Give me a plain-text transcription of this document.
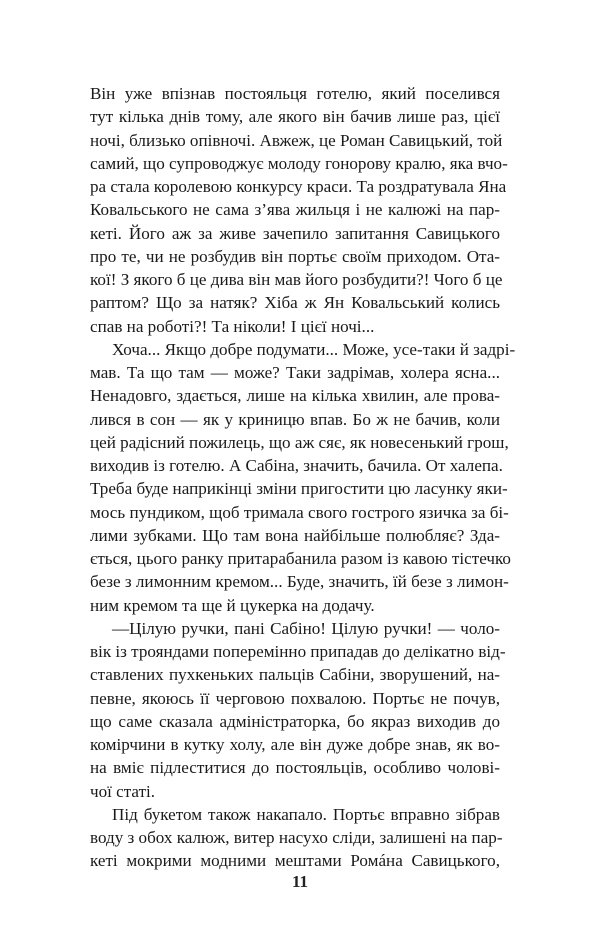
Він уже впізнав постояльця готелю, який поселився
тут кілька днів тому, але якого він бачив лише раз, цієї
ночі, близько опівночі. Авжеж, це Роман Савицький, той
самий, що супроводжує молоду гонорову кралю, яка вчо-
ра стала королевою конкурсу краси. Та роздратувала Яна
Ковальського не сама з’ява жильця і не калюжі на пар-
кеті. Його аж за живе зачепило запитання Савицького
про те, чи не розбудив він портьє своїм приходом. Ота-
кої! З якого б це дива він мав його розбудити?! Чого б це
раптом? Що за натяк? Хіба ж Ян Ковальський колись
спав на роботі?! Та ніколи! І цієї ночі...
Хоча... Якщо добре подумати... Може, усе-таки й задрі-
мав. Та що там — може? Таки задрімав, холера ясна...
Ненадовго, здається, лише на кілька хвилин, але прова-
лився в сон — як у криницю впав. Бо ж не бачив, коли
цей радісний пожилець, що аж сяє, як новесенький грош,
виходив із готелю. А Сабіна, значить, бачила. От халепа.
Треба буде наприкінці зміни пригостити цю ласунку яки-
мось пундиком, щоб тримала свого гострого язичка за бі-
лими зубками. Що там вона найбільше полюбляє? Зда-
ється, цього ранку притарабанила разом із кавою тістечко
безе з лимонним кремом... Буде, значить, їй безе з лимон-
ним кремом та ще й цукерка на додачу.
—Цілую ручки, пані Сабіно! Цілую ручки! — чоло-
вік із трояндами поперемінно припадав до делікатно від-
ставлених пухкеньких пальців Сабіни, зворушений, на-
певне, якоюсь її черговою похвалою. Портьє не почув,
що саме сказала адміністраторка, бо якраз виходив до
комірчини в кутку холу, але він дуже добре знав, як во-
на вміє підлеститися до постояльців, особливо чолові-
чої статі.
Під букетом також накапало. Портьє вправно зібрав
воду з обох калюж, витер насухо сліди, залишені на пар-
кеті мокрими модними мештами Ромáна Савицького,
11
